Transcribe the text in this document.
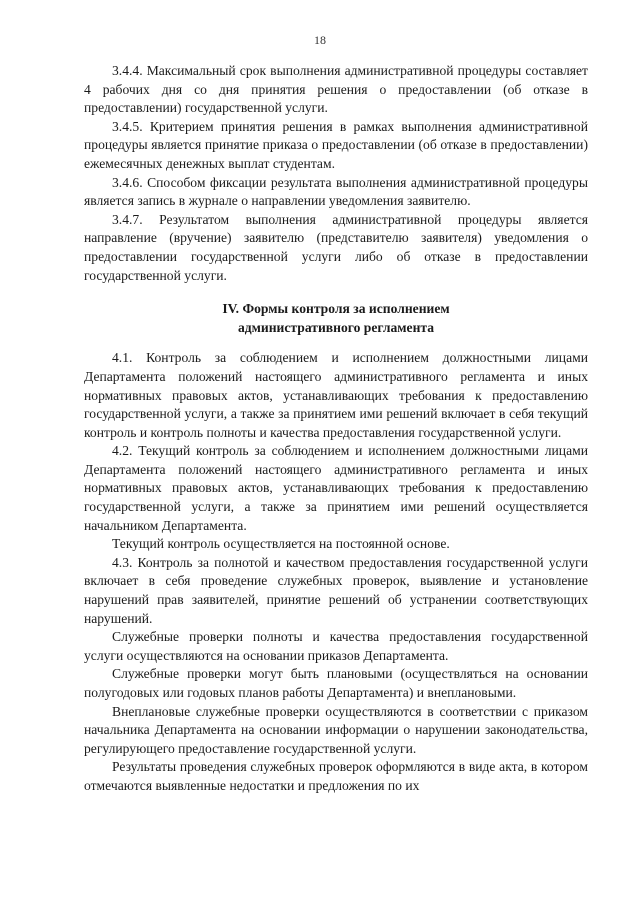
18

3.4.4. Максимальный срок выполнения административной процедуры составляет 4 рабочих дня со дня принятия решения о предоставлении (об отказе в предоставлении) государственной услуги.

3.4.5. Критерием принятия решения в рамках выполнения административной процедуры является принятие приказа о предоставлении (об отказе в предоставлении) ежемесячных денежных выплат студентам.

3.4.6. Способом фиксации результата выполнения административной процедуры является запись в журнале о направлении уведомления заявителю.

3.4.7. Результатом выполнения административной процедуры является направление (вручение) заявителю (представителю заявителя) уведомления о предоставлении государственной услуги либо об отказе в предоставлении государственной услуги.

IV. Формы контроля за исполнением
административного регламента

4.1. Контроль за соблюдением и исполнением должностными лицами Департамента положений настоящего административного регламента и иных нормативных правовых актов, устанавливающих требования к предоставлению государственной услуги, а также за принятием ими решений включает в себя текущий контроль и контроль полноты и качества предоставления государственной услуги.

4.2. Текущий контроль за соблюдением и исполнением должностными лицами Департамента положений настоящего административного регламента и иных нормативных правовых актов, устанавливающих требования к предоставлению государственной услуги, а также за принятием ими решений осуществляется начальником Департамента.

Текущий контроль осуществляется на постоянной основе.

4.3. Контроль за полнотой и качеством предоставления государственной услуги включает в себя проведение служебных проверок, выявление и установление нарушений прав заявителей, принятие решений об устранении соответствующих нарушений.

Служебные проверки полноты и качества предоставления государственной услуги осуществляются на основании приказов Департамента.

Служебные проверки могут быть плановыми (осуществляться на основании полугодовых или годовых планов работы Департамента) и внеплановыми.

Внеплановые служебные проверки осуществляются в соответствии с приказом начальника Департамента на основании информации о нарушении законодательства, регулирующего предоставление государственной услуги.

Результаты проведения служебных проверок оформляются в виде акта, в котором отмечаются выявленные недостатки и предложения по их
